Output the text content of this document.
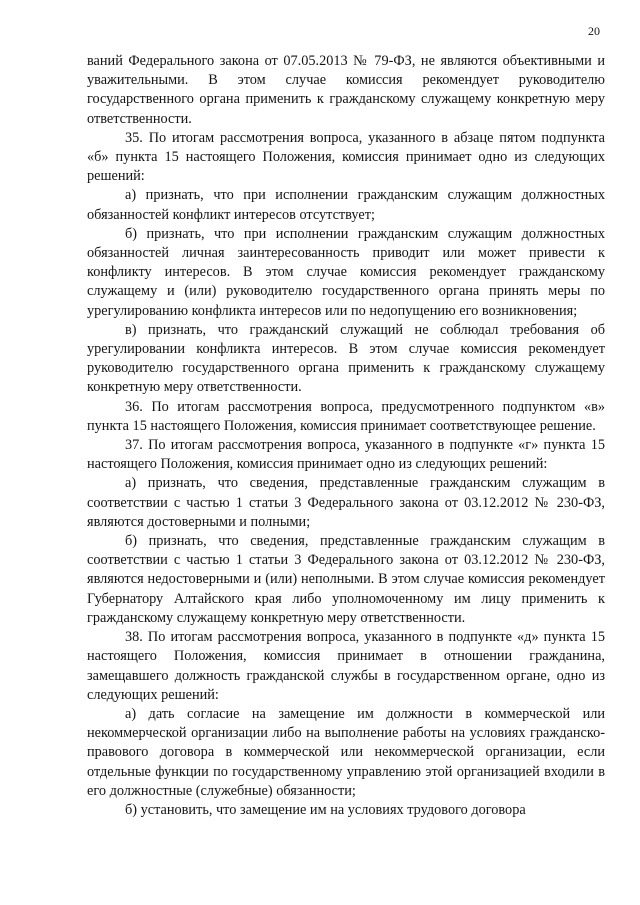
20

ваний Федерального закона от 07.05.2013 № 79-ФЗ, не являются объективными и уважительными. В этом случае комиссия рекомендует руководителю государственного органа применить к гражданскому служащему конкретную меру ответственности.

35. По итогам рассмотрения вопроса, указанного в абзаце пятом подпункта «б» пункта 15 настоящего Положения, комиссия принимает одно из следующих решений:

а) признать, что при исполнении гражданским служащим должностных обязанностей конфликт интересов отсутствует;

б) признать, что при исполнении гражданским служащим должностных обязанностей личная заинтересованность приводит или может привести к конфликту интересов. В этом случае комиссия рекомендует гражданскому служащему и (или) руководителю государственного органа принять меры по урегулированию конфликта интересов или по недопущению его возникновения;

в) признать, что гражданский служащий не соблюдал требования об урегулировании конфликта интересов. В этом случае комиссия рекомендует руководителю государственного органа применить к гражданскому служащему конкретную меру ответственности.

36. По итогам рассмотрения вопроса, предусмотренного подпунктом «в» пункта 15 настоящего Положения, комиссия принимает соответствующее решение.

37. По итогам рассмотрения вопроса, указанного в подпункте «г» пункта 15 настоящего Положения, комиссия принимает одно из следующих решений:

а) признать, что сведения, представленные гражданским служащим в соответствии с частью 1 статьи 3 Федерального закона от 03.12.2012 № 230-ФЗ, являются достоверными и полными;

б) признать, что сведения, представленные гражданским служащим в соответствии с частью 1 статьи 3 Федерального закона от 03.12.2012 № 230-ФЗ, являются недостоверными и (или) неполными. В этом случае комиссия рекомендует Губернатору Алтайского края либо уполномоченному им лицу применить к гражданскому служащему конкретную меру ответственности.

38. По итогам рассмотрения вопроса, указанного в подпункте «д» пункта 15 настоящего Положения, комиссия принимает в отношении гражданина, замещавшего должность гражданской службы в государственном органе, одно из следующих решений:

а) дать согласие на замещение им должности в коммерческой или некоммерческой организации либо на выполнение работы на условиях гражданско-правового договора в коммерческой или некоммерческой организации, если отдельные функции по государственному управлению этой организацией входили в его должностные (служебные) обязанности;

б) установить, что замещение им на условиях трудового договора
